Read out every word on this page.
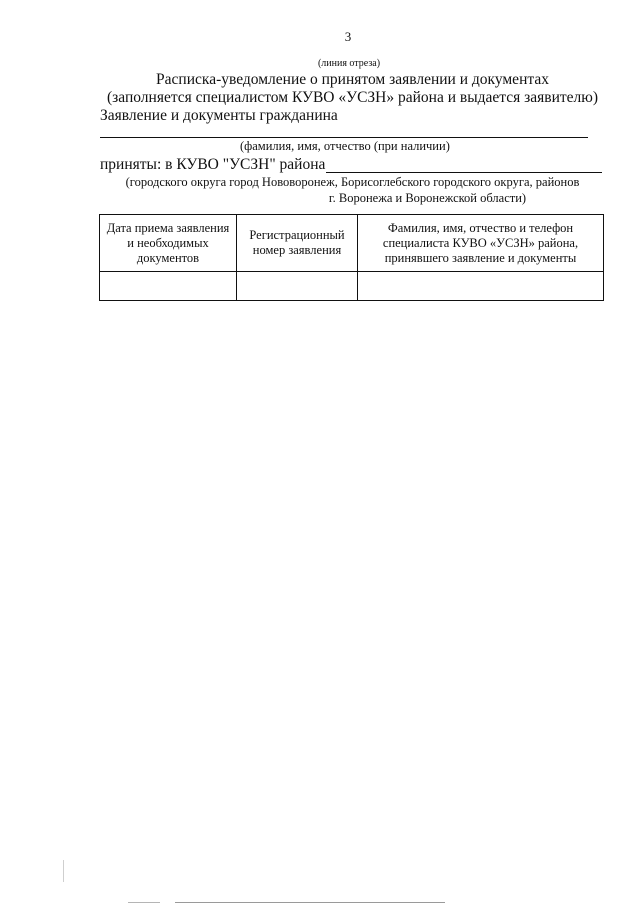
3
(линия отреза)
Расписка-уведомление о принятом заявлении и документах
(заполняется специалистом КУВО «УСЗН» района и выдается заявителю)
Заявление и документы гражданина
(фамилия, имя, отчество (при наличии)
приняты: в КУВО "УСЗН" района
(городского округа город Нововоронеж, Борисоглебского городского округа, районов
г. Воронежа и Воронежской области)
Дата приема заявления и необходимых документов	Регистрационный номер заявления	Фамилия, имя, отчество и телефон специалиста КУВО «УСЗН» района, принявшего заявление и документы
